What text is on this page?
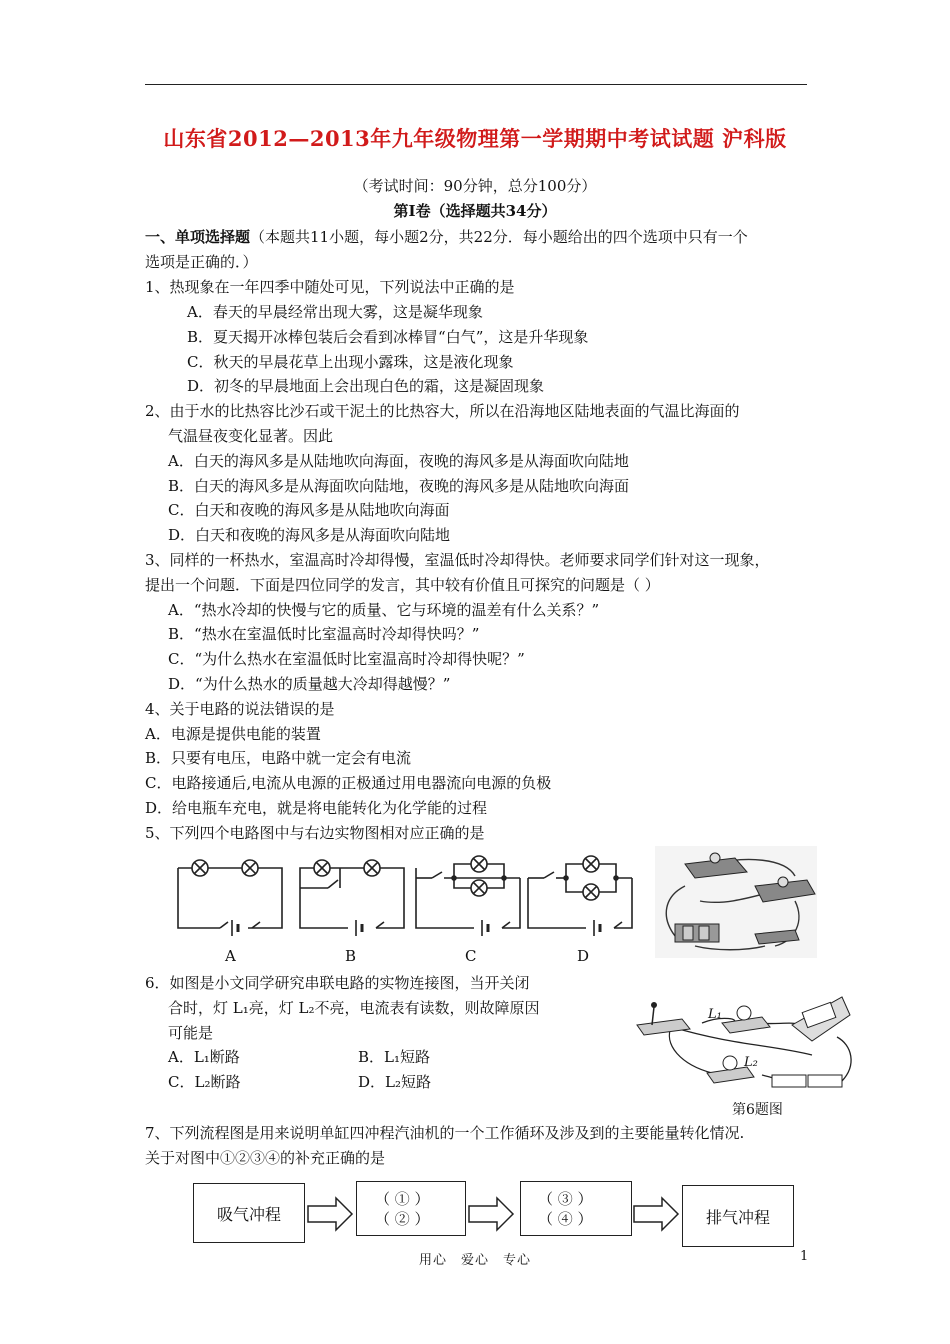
山东省2012—2013年九年级物理第一学期期中考试试题 沪科版
（考试时间：90分钟，总分100分）
第Ⅰ卷（选择题共34分）
一、单项选择题（本题共11小题，每小题2分，共22分．每小题给出的四个选项中只有一个
选项是正确的．）
1、热现象在一年四季中随处可见，下列说法中正确的是
A．春天的早晨经常出现大雾，这是凝华现象
B．夏天揭开冰棒包装后会看到冰棒冒“白气”，这是升华现象
C．秋天的早晨花草上出现小露珠，这是液化现象
D．初冬的早晨地面上会出现白色的霜，这是凝固现象
2、由于水的比热容比沙石或干泥土的比热容大，所以在沿海地区陆地表面的气温比海面的
气温昼夜变化显著。因此
A．白天的海风多是从陆地吹向海面，夜晚的海风多是从海面吹向陆地
B．白天的海风多是从海面吹向陆地，夜晚的海风多是从陆地吹向海面
C．白天和夜晚的海风多是从陆地吹向海面
D．白天和夜晚的海风多是从海面吹向陆地
3、同样的一杯热水，室温高时冷却得慢，室温低时冷却得快。老师要求同学们针对这一现象，
提出一个问题．下面是四位同学的发言，其中较有价值且可探究的问题是（ ）
A．“热水冷却的快慢与它的质量、它与环境的温差有什么关系？”
B．“热水在室温低时比室温高时冷却得快吗？”
C．“为什么热水在室温低时比室温高时冷却得快呢？”
D．“为什么热水的质量越大冷却得越慢？”
4、关于电路的说法错误的是
A．电源是提供电能的装置
B．只要有电压，电路中就一定会有电流
C．电路接通后,电流从电源的正极通过用电器流向电源的负极
D．给电瓶车充电，就是将电能转化为化学能的过程
5、下列四个电路图中与右边实物图相对应正确的是
A	B	C	D
6．如图是小文同学研究串联电路的实物连接图，当开关闭
合时，灯 L₁亮，灯 L₂不亮，电流表有读数，则故障原因
可能是
A．L₁断路	B．L₁短路
C．L₂断路	D．L₂短路
L₁
L₂
第6题图
7、下列流程图是用来说明单缸四冲程汽油机的一个工作循环及涉及到的主要能量转化情况.
关于对图中①②③④的补充正确的是
吸气冲程
（ ① ）
（ ② ）
（ ③ ）
（ ④ ）	排气冲程
用心　爱心　专心	1
